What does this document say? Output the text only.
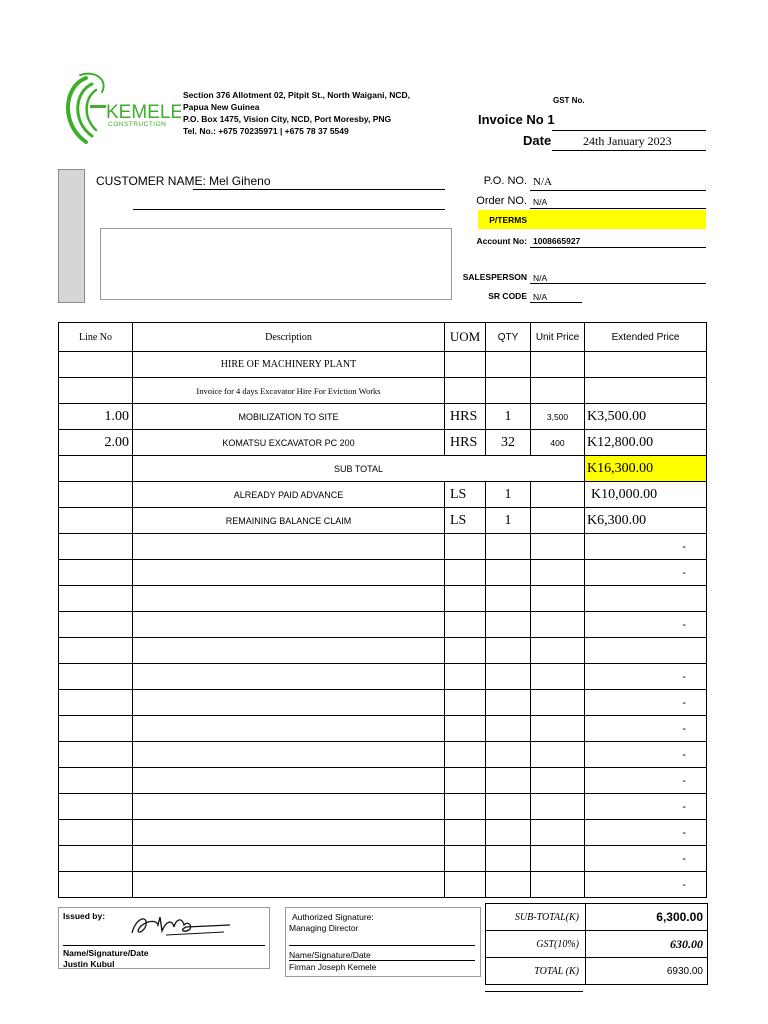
KEMELE
CONSTRUCTION
Section 376 Allotment 02, Pitpit St., North Waigani, NCD,
Papua New Guinea
P.O. Box 1475, Vision City, NCD, Port Moresby, PNG
Tel. No.: +675 70235971 | +675 78 37 5549
GST No.
Invoice No 1
Date	24th January 2023
CUSTOMER NAME: Mel Giheno	P.O. NO. N/A
Order NO. N/A
P/TERMS
Account No: 1008665927
SALESPERSON N/A
SR CODE N/A
Line No	Description	UOM	QTY	Unit Price	Extended Price
	HIRE OF MACHINERY PLANT				
	Invoice for 4 days Excavator Hire For Eviction Works				
1.00	MOBILIZATION TO SITE	HRS	1	3,500	K3,500.00
2.00	KOMATSU EXCAVATOR PC 200	HRS	32	400	K12,800.00
	SUB TOTAL				K16,300.00
	ALREADY PAID ADVANCE	LS	1		K10,000.00
	REMAINING BALANCE CLAIM	LS	1		K6,300.00
					-
					-

					-

					-
					-
					-
					-
					-
					-
					-
					-
					-
Issued by:
Name/Signature/Date
Justin Kubul
Authorized Signature:
Managing Director
Name/Signature/Date
Firman Joseph Kemele
SUB-TOTAL(K)	6,300.00
GST(10%)	630.00
TOTAL (K)	6930.00
